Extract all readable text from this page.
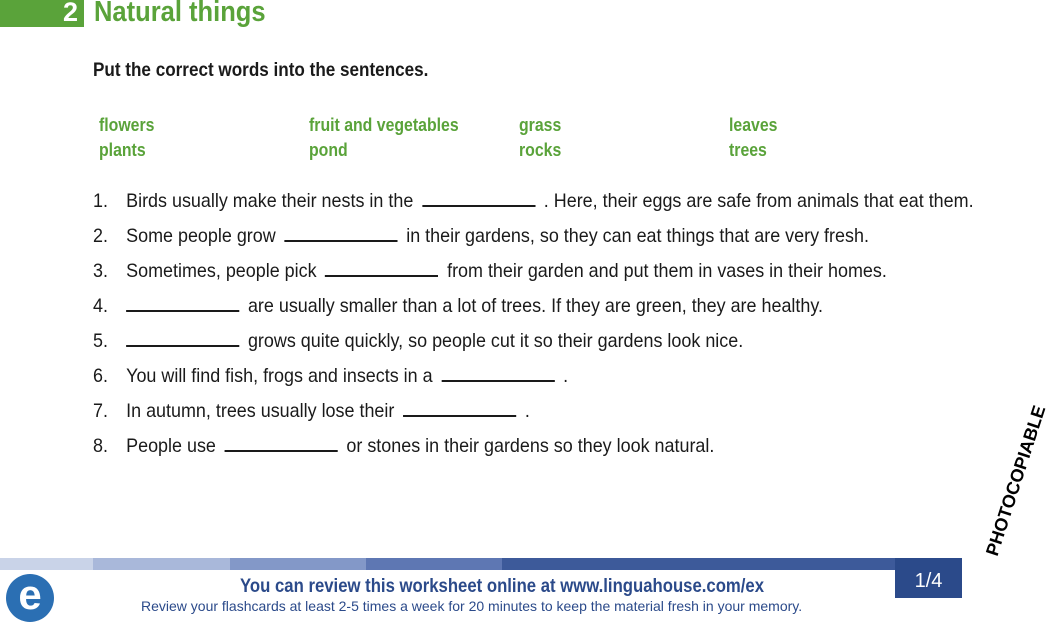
2 Natural things
Put the correct words into the sentences.
flowers	fruit and vegetables	grass	leaves
plants	pond	rocks	trees
1. Birds usually make their nests in the	. Here, their eggs are safe from animals that eat them.
2. Some people grow	in their gardens, so they can eat things that are very fresh.
3. Sometimes, people pick	from their garden and put them in vases in their homes.
4.	are usually smaller than a lot of trees. If they are green, they are healthy.
5.	grows quite quickly, so people cut it so their gardens look nice.
6. You will find fish, frogs and insects in a	.
7. In autumn, trees usually lose their	.
8. People use	or stones in their gardens so they look natural.
e	You can review this worksheet online at www.linguahouse.com/ex
Review your flashcards at least 2-5 times a week for 20 minutes to keep the material fresh in your memory.
1/4
PHOTOCOPIABLE
